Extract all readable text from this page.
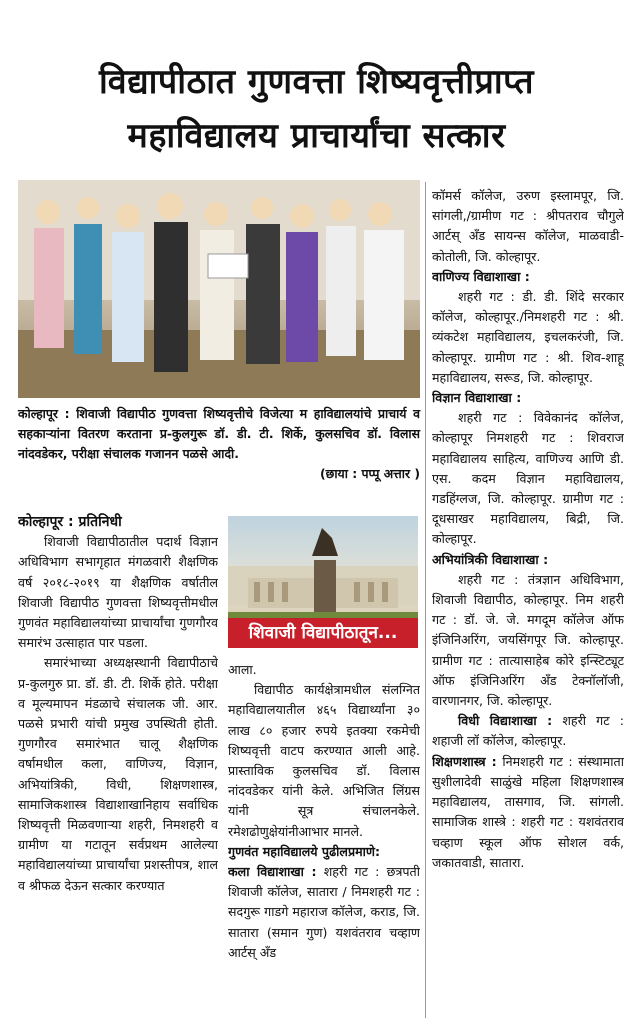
विद्यापीठात गुणवत्ता शिष्यवृत्तीप्राप्त
महाविद्यालय प्राचार्यांचा सत्कार
कोल्हापूर : शिवाजी विद्यापीठ गुणवत्ता शिष्यवृत्तीचे विजेत्या म हाविद्यालयांचे प्राचार्य व सहकाऱ्यांना वितरण करताना प्र-कुलगुरू डॉ. डी. टी. शिर्के, कुलसचिव डॉ. विलास नांदवडेकर, परीक्षा संचालक गजानन पळसे आदी.
(छाया : पप्पू अत्तार )

कोल्हापूर : प्रतिनिधी

शिवाजी विद्यापीठातील पदार्थ विज्ञान अधिविभाग सभागृहात मंगळवारी शैक्षणिक वर्ष २०१८-२०१९ या शैक्षणिक वर्षातील शिवाजी विद्यापीठ गुणवत्ता शिष्यवृत्तीमधील गुणवंत महाविद्यालयांच्या प्राचार्यांचा गुणगौरव समारंभ उत्साहात पार पडला.

समारंभाच्या अध्यक्षस्थानी विद्यापीठाचे प्र-कुलगुरु प्रा. डॉ. डी. टी. शिर्के होते. परीक्षा व मूल्यमापन मंडळाचे संचालक जी. आर. पळसे प्रभारी यांची प्रमुख उपस्थिती होती. गुणगौरव समारंभात चालू शैक्षणिक वर्षामधील कला, वाणिज्य, विज्ञान, अभियांत्रिकी, विधी, शिक्षणशास्त्र, सामाजिकशास्त्र विद्याशाखानिहाय सर्वाधिक शिष्यवृत्ती मिळवणाऱ्या शहरी, निमशहरी व ग्रामीण या गटातून सर्वप्रथम आलेल्या महाविद्यालयांच्या प्राचार्यांचा प्रशस्तीपत्र, शाल व श्रीफळ देऊन सत्कार करण्यात

शिवाजी विद्यापीठातून...

आला.

विद्यापीठ कार्यक्षेत्रामधील संलग्नित महाविद्यालयातील ४६५ विद्यार्थ्यांना ३० लाख ८० हजार रुपये इतक्या रकमेची शिष्यवृत्ती वाटप करण्यात आली आहे. प्रास्ताविक कुलसचिव डॉ. विलास नांदवडेकर यांनी केले. अभिजित लिंग्रस यांनी सूत्र संचालनकेले. रमेशढोणुक्षेयांनीआभार मानले.

गुणवंत महाविद्यालये पुढीलप्रमाणे:

कला विद्याशाखा : शहरी गट : छत्रपती शिवाजी कॉलेज, सातारा / निमशहरी गट : सदगुरू गाडगे महाराज कॉलेज, कराड, जि. सातारा (समान गुण) यशवंतराव चव्हाण आर्टस् अँड

कॉमर्स कॉलेज, उरुण इस्लामपूर, जि. सांगली,/ग्रामीण गट : श्रीपतराव चौगुले आर्टस् अँड सायन्स कॉलेज, माळवाडी-कोतोली, जि. कोल्हापूर.

वाणिज्य विद्याशाखा :

शहरी गट : डी. डी. शिंदे सरकार कॉलेज, कोल्हापूर./निमशहरी गट : श्री. व्यंकटेश महाविद्यालय, इचलकरंजी, जि. कोल्हापूर. ग्रामीण गट : श्री. शिव-शाहू महाविद्यालय, सरूड, जि. कोल्हापूर.

विज्ञान विद्याशाखा :

शहरी गट : विवेकानंद कॉलेज, कोल्हापूर निमशहरी गट : शिवराज महाविद्यालय साहित्य, वाणिज्य आणि डी. एस. कदम विज्ञान महाविद्यालय, गडहिंग्लज, जि. कोल्हापूर. ग्रामीण गट : दूधसाखर महाविद्यालय, बिद्री, जि. कोल्हापूर.

अभियांत्रिकी विद्याशाखा :

शहरी गट : तंत्रज्ञान अधिविभाग, शिवाजी विद्यापीठ, कोल्हापूर. निम शहरी गट : डॉ. जे. जे. मगदूम कॉलेज ऑफ इंजिनिअरिंग, जयसिंगपूर जि. कोल्हापूर. ग्रामीण गट : तात्यासाहेब कोरे इन्स्टिट्यूट ऑफ इंजिनिअरिंग अँड टेक्नॉलॉजी, वारणानगर, जि. कोल्हापूर.

विधी विद्याशाखा : शहरी गट : शहाजी लॉ कॉलेज, कोल्हापूर.

शिक्षणशास्त्र : निमशहरी गट : संस्थामाता सुशीलादेवी साळुंखे महिला शिक्षणशास्त्र महाविद्यालय, तासगाव, जि. सांगली. सामाजिक शास्त्रे : शहरी गट : यशवंतराव चव्हाण स्कूल ऑफ सोशल वर्क, जकातवाडी, सातारा.
